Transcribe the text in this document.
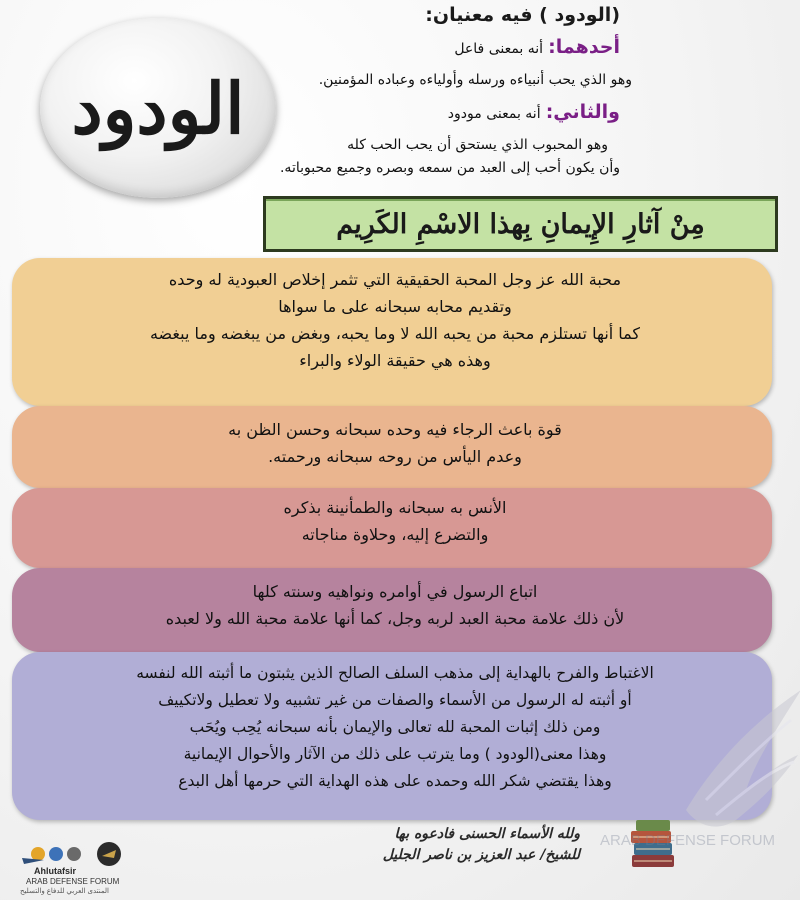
الودود
(الودود ) فيه معنيان:
أحدهما: أنه بمعنى فاعل
وهو الذي يحب أنبياءه ورسله وأولياءه وعباده المؤمنين.
والثاني: أنه بمعنى مودود
وهو المحبوب الذي يستحق أن يحب الحب كله
وأن يكون أحب إلى العبد من سمعه وبصره وجميع محبوباته.
مِنْ آثارِ الإِيمانِ بِهذا الاسْمِ الكَرِيم
محبة الله عز وجل المحبة الحقيقية التي تثمر إخلاص العبودية له وحده
وتقديم محابه سبحانه على ما سواها
كما أنها تستلزم محبة من يحبه الله لا وما يحبه، وبغض من يبغضه وما يبغضه
وهذه هي حقيقة الولاء والبراء
قوة باعث الرجاء فيه وحده سبحانه وحسن الظن به
وعدم اليأس من روحه سبحانه ورحمته.
الأنس به سبحانه والطمأنينة بذكره
والتضرع إليه، وحلاوة مناجاته
اتباع الرسول في أوامره ونواهيه وسنته كلها
لأن ذلك علامة محبة العبد لربه وجل، كما أنها علامة محبة الله ولا لعبده
الاغتباط والفرح بالهداية إلى مذهب السلف الصالح الذين يثبتون ما أثبته الله لنفسه
أو أثبته له الرسول من الأسماء والصفات من غير تشبيه ولا تعطيل ولاتكييف
ومن ذلك إثبات المحبة لله تعالى والإيمان بأنه سبحانه يُحِب ويُحَب
وهذا معنى(الودود ) وما يترتب على ذلك من الآثار والأحوال الإيمانية
وهذا يقتضي شكر الله وحمده على هذه الهداية التي حرمها أهل البدع
ولله الأسماء الحسنى فادعوه بها
للشيخ/ عبد العزيز بن ناصر الجليل
ARAB DEFENSE FORUM
Ahlutafsir
ARAB DEFENSE FORUM
المنتدى العربي للدفاع والتسليح
